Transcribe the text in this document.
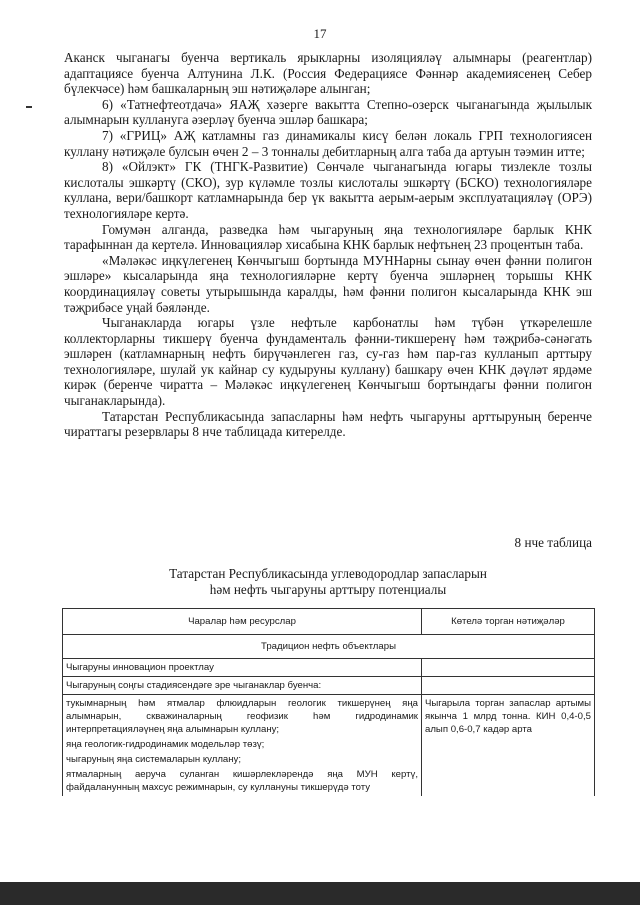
17

Аканск чыганагы буенча вертикаль ярыкларны изоляцияләү алымнары (реагентлар) адаптациясе буенча Алтунина Л.К. (Россия Федерациясе Фәннәр академиясенең Себер бүлекчәсе) һәм башкаларның эш нәтиҗәләре алынган;

6) «Татнефтеотдача» ЯАҖ хәзерге вакытта Степно-озерск чыганагында җылылык алымнарын куллануга әзерләү буенча эшләр башкара;

7) «ГРИЦ» АҖ катламны газ динамикалы кисү белән локаль ГРП технологиясен куллану нәтиҗәле булсын өчен 2 – 3 тонналы дебитларның алга таба да артуын тәэмин итте;

8) «Ойлэкт» ГК (ТНГК-Развитие) Сөнчәле чыганагында югары тизлекле тозлы кислоталы эшкәртү (СКО), зур күләмле тозлы кислоталы эшкәртү (БСКО) технологияләре куллана, вери/башкорт катламнарында бер үк вакытта аерым-аерым эксплуатацияләү (ОРЭ) технологияләре кертә.

Гомумән алганда, разведка һәм чыгаруның яңа технологияләре барлык КНК тарафыннан да кертелә. Инновацияләр хисабына КНК барлык нефтьнең 23 процентын таба.

«Мәләкәс иңкүлегенең Көнчыгыш бортында МУННарны сынау өчен фәнни полигон эшләре» кысаларында яңа технологияләрне кертү буенча эшләрнең торышы КНК координацияләү советы утырышында каралды, һәм фәнни полигон кысаларында КНК эш тәҗрибәсе уңай бәяләнде.

Чыганакларда югары үзле нефтьле карбонатлы һәм түбән үткәрелешле коллекторларны тикшерү буенча фундаменталь фәнни-тикшеренү һәм тәҗрибә-сәнәгать эшләрен (катламнарның нефть бирүчәнлеген газ, су-газ һәм пар-газ кулланып арттыру технологияләре, шулай ук кайнар су кудыруны куллану) башкару өчен КНК дәүләт ярдәме кирәк (беренче чиратта – Мәләкәс иңкүлегенең Көнчыгыш бортындагы фәнни полигон чыганакларында).

Татарстан Республикасында запасларны һәм нефть чыгаруны арттыруның беренче чираттагы резервлары 8 нче таблицада китерелде.

8 нче таблица
Татарстан Республикасында углеводородлар запасларын
һәм нефть чыгаруны арттыру потенциалы
Чаралар һәм ресурслар	Көтелә торган нәтиҗәләр
Традицион нефть объектлары	
Чыгаруны инновацион проектлау	
Чыгаруның соңгы стадиясендәге эре чыганаклар буенча:	

тукымнарның һәм ятмалар флюидларын геологик тикшерүнең яңа алымнарын, скважиналарның геофизик һәм гидродинамик интерпретацияләүнең яңа алымнарын куллану;
яңа геологик-гидродинамик модельләр төзү;
чыгаруның яңа системаларын куллану;
ятмаларның аеруча суланган кишәрлекләрендә яңа МУН кертү, файдаланунның махсус режимнарын, су куллануны тикшерүдә тоту	Чыгарыла торган запаслар артымы якынча 1 млрд тонна. КИН 0,4-0,5 алып 0,6-0,7 кадәр арта
